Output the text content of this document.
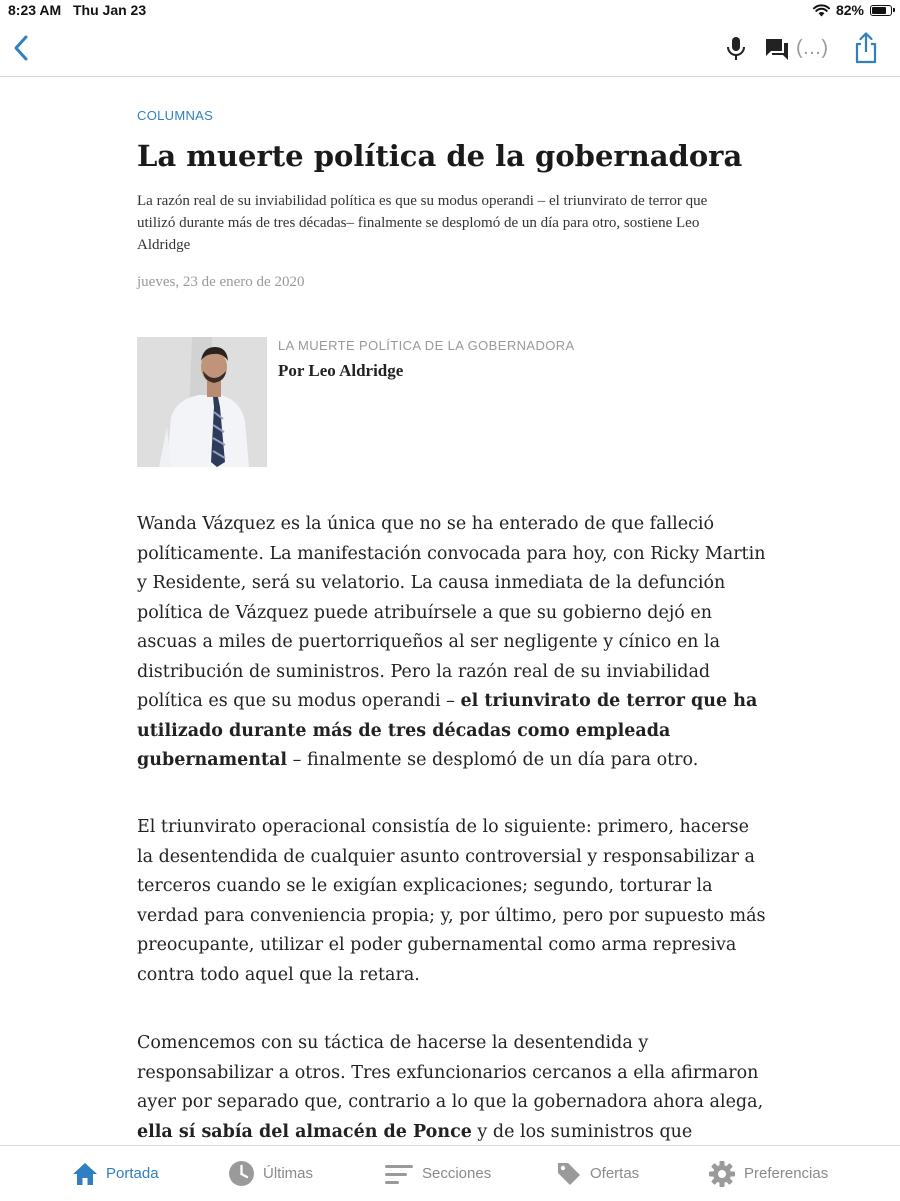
8:23 AM Thu Jan 23	82%
(...)
COLUMNAS
La muerte política de la gobernadora
La razón real de su inviabilidad política es que su modus operandi – el triunvirato de terror que utilizó durante más de tres décadas– finalmente se desplomó de un día para otro, sostiene Leo Aldridge
jueves, 23 de enero de 2020
LA MUERTE POLÍTICA DE LA GOBERNADORA
Por Leo Aldridge

Wanda Vázquez es la única que no se ha enterado de que falleció políticamente. La manifestación convocada para hoy, con Ricky Martin y Residente, será su velatorio. La causa inmediata de la defunción política de Vázquez puede atribuírsele a que su gobierno dejó en ascuas a miles de puertorriqueños al ser negligente y cínico en la distribución de suministros. Pero la razón real de su inviabilidad política es que su modus operandi – el triunvirato de terror que ha utilizado durante más de tres décadas como empleada gubernamental – finalmente se desplomó de un día para otro.

El triunvirato operacional consistía de lo siguiente: primero, hacerse la desentendida de cualquier asunto controversial y responsabilizar a terceros cuando se le exigían explicaciones; segundo, torturar la verdad para conveniencia propia; y, por último, pero por supuesto más preocupante, utilizar el poder gubernamental como arma represiva contra todo aquel que la retara.

Comencemos con su táctica de hacerse la desentendida y responsabilizar a otros. Tres exfuncionarios cercanos a ella afirmaron ayer por separado que, contrario a lo que la gobernadora ahora alega, ella sí sabía del almacén de Ponce y de los suministros que

Portada	Últimas	Secciones	Ofertas	Preferencias
